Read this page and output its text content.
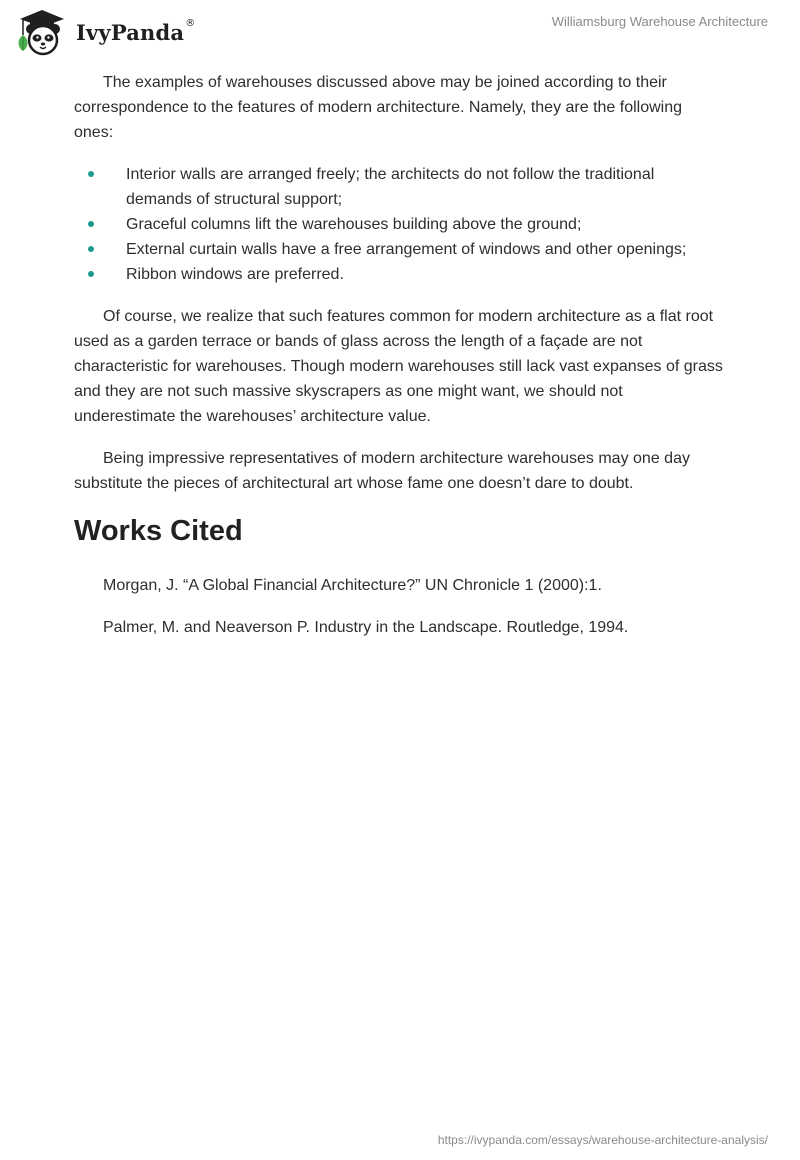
IvyPanda ®	Williamsburg Warehouse Architecture

The examples of warehouses discussed above may be joined according to their correspondence to the features of modern architecture. Namely, they are the following ones:

Interior walls are arranged freely; the architects do not follow the traditional demands of structural support;
Graceful columns lift the warehouses building above the ground;
External curtain walls have a free arrangement of windows and other openings;
Ribbon windows are preferred.

Of course, we realize that such features common for modern architecture as a flat root used as a garden terrace or bands of glass across the length of a façade are not characteristic for warehouses. Though modern warehouses still lack vast expanses of grass and they are not such massive skyscrapers as one might want, we should not underestimate the warehouses’ architecture value.

Being impressive representatives of modern architecture warehouses may one day substitute the pieces of architectural art whose fame one doesn’t dare to doubt.

Works Cited

Morgan, J. “A Global Financial Architecture?” UN Chronicle 1 (2000):1.

Palmer, M. and Neaverson P. Industry in the Landscape. Routledge, 1994.

https://ivypanda.com/essays/warehouse-architecture-analysis/
